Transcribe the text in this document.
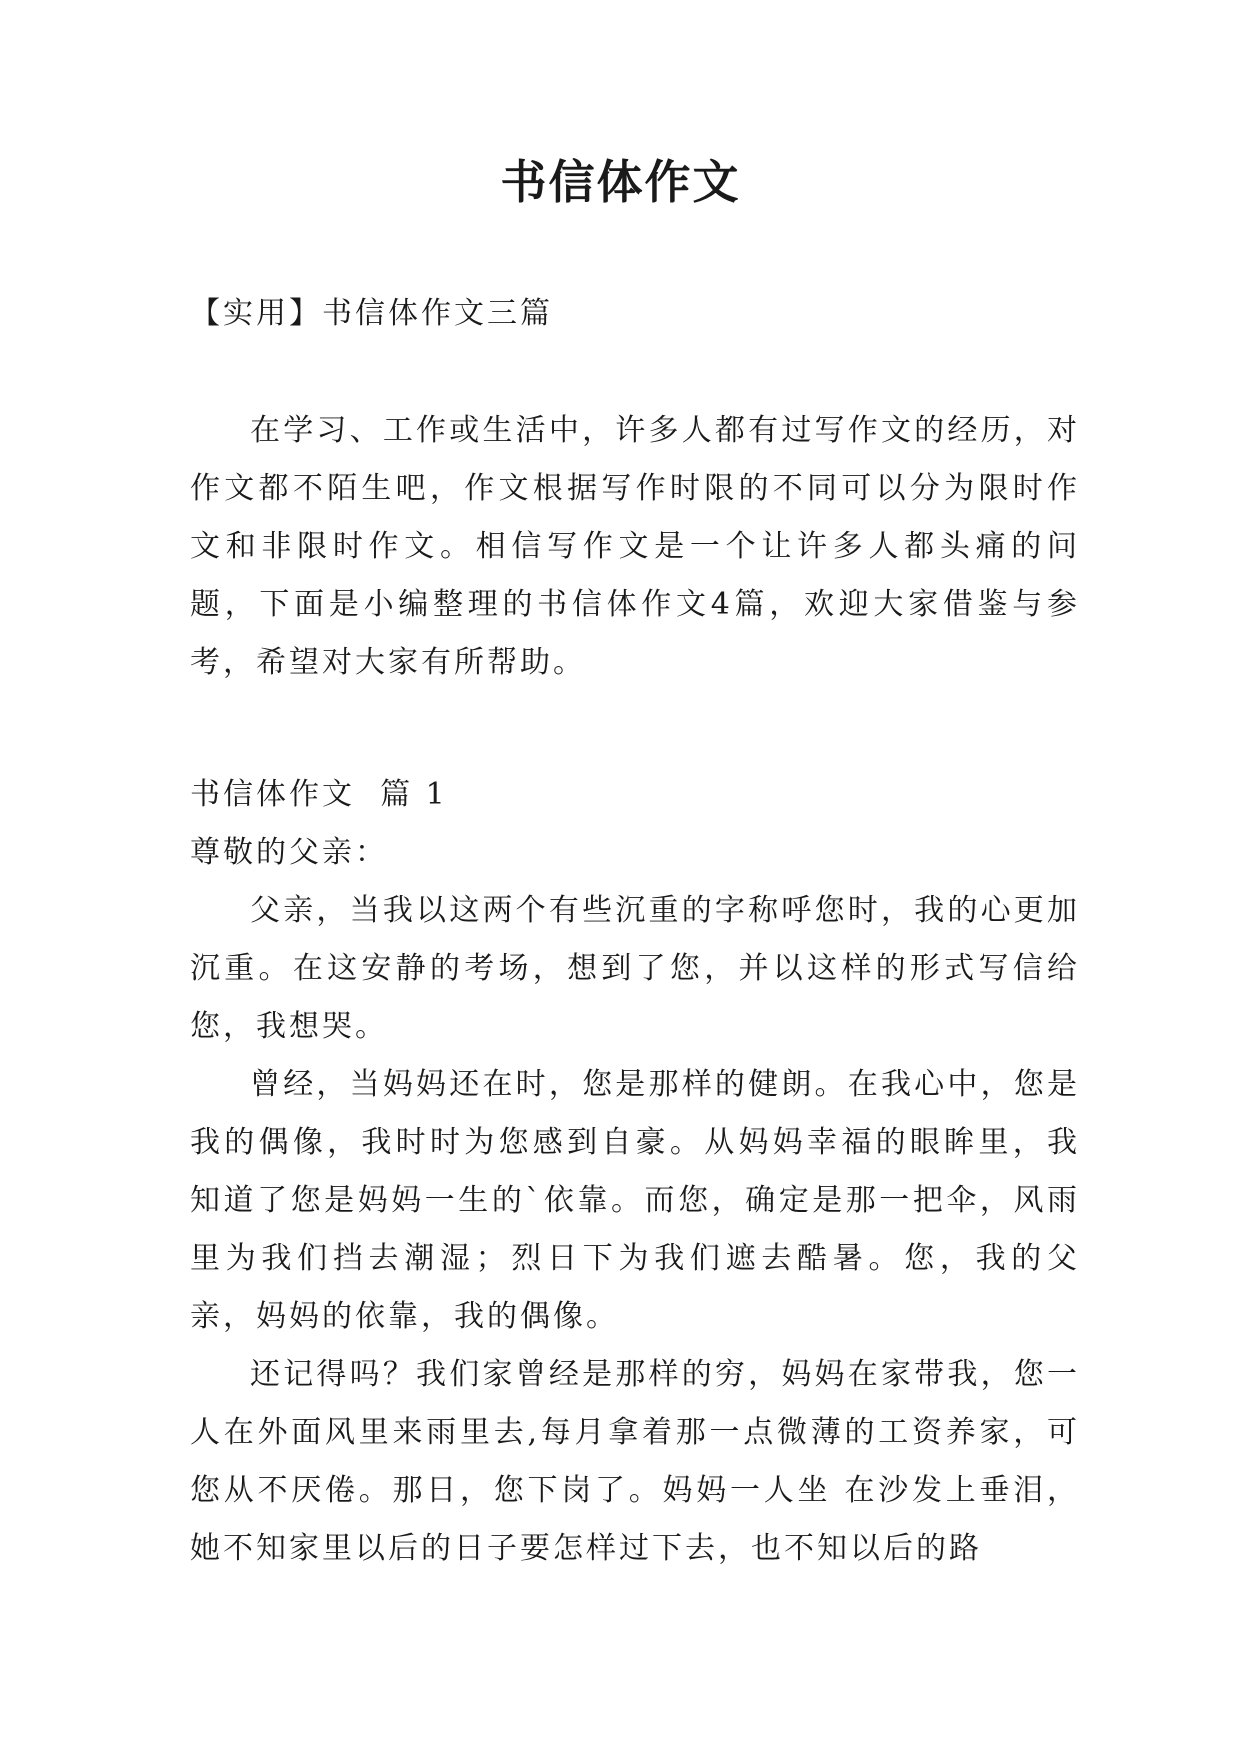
书信体作文
【实用】书信体作文三篇

在学习、工作或生活中，许多人都有过写作文的经历，对作文都不陌生吧，作文根据写作时限的不同可以分为限时作文和非限时作文。相信写作文是一个让许多人都头痛的问题，下面是小编整理的书信体作文4篇，欢迎大家借鉴与参考，希望对大家有所帮助。

书信体作文  篇 1

尊敬的父亲：

父亲，当我以这两个有些沉重的字称呼您时，我的心更加沉重。在这安静的考场，想到了您，并以这样的形式写信给您，我想哭。

曾经，当妈妈还在时，您是那样的健朗。在我心中，您是我的偶像，我时时为您感到自豪。从妈妈幸福的眼眸里，我知道了您是妈妈一生的`依靠。而您，确定是那一把伞，风雨里为我们挡去潮湿；烈日下为我们遮去酷暑。您，我的父亲，妈妈的依靠，我的偶像。

还记得吗？我们家曾经是那样的穷，妈妈在家带我，您一人在外面风里来雨里去,每月拿着那一点微薄的工资养家，可您从不厌倦。那日，您下岗了。妈妈一人坐 在沙发上垂泪，她不知家里以后的日子要怎样过下去，也不知以后的路
